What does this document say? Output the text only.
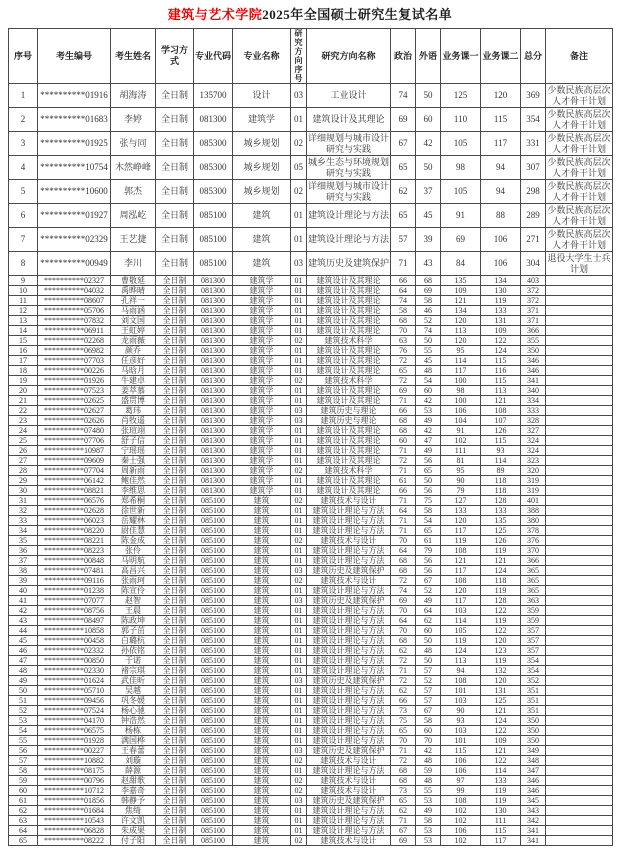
建筑与艺术学院2025年全国硕士研究生复试名单
序号	考生编号	考生姓名	学习方式	专业代码	专业名称	研究方向序号	研究方向名称	政治	外语	业务课一	业务课二	总分	备注
1	**********01916	胡海涛	全日制	135700	设计	03	工业设计	74	50	125	120	369	少数民族高层次人才骨干计划
2	**********01683	李婷	全日制	081300	建筑学	01	建筑设计及其理论	69	60	110	115	354	少数民族高层次人才骨干计划
3	**********01925	张与同	全日制	085300	城乡规划	02	详细规划与城市设计研究与实践	67	42	105	117	331	少数民族高层次人才骨干计划
4	**********10754	木然峥峰	全日制	085300	城乡规划	05	城乡生态与环境规划研究与实践	65	50	98	94	307	少数民族高层次人才骨干计划
5	**********10600	郭杰	全日制	085300	城乡规划	02	详细规划与城市设计研究与实践	62	37	105	94	298	少数民族高层次人才骨干计划
6	**********01927	周泓屹	全日制	085100	建筑	01	建筑设计理论与方法	65	45	91	88	289	少数民族高层次人才骨干计划
7	**********02329	王艺捷	全日制	085100	建筑	01	建筑设计理论与方法	57	39	69	106	271	少数民族高层次人才骨干计划
8	**********00949	李川	全日制	085100	建筑	03	建筑历史及建筑保护	71	43	84	106	304	退役大学生士兵计划
9	**********02327	曹敬延	全日制	081300	建筑学	01	建筑设计及其理论	66	68	135	134	403	
10	**********04032	禹晔晴	全日制	081300	建筑学	01	建筑设计及其理论	64	69	109	130	372	
11	**********08607	孔祥一	全日制	081300	建筑学	01	建筑设计及其理论	74	58	121	119	372	
12	**********05706	马雨涵	全日制	081300	建筑学	01	建筑设计及其理论	58	46	134	133	371	
13	**********07832	刘文国	全日制	081300	建筑学	01	建筑设计及其理论	68	52	120	131	371	
14	**********06911	王虹婷	全日制	081300	建筑学	01	建筑设计及其理论	70	74	113	109	366	
15	**********02268	龙雨薇	全日制	081300	建筑学	02	建筑技术科学	63	50	120	122	355	
16	**********06982	颜乔	全日制	081300	建筑学	01	建筑设计及其理论	76	55	95	124	350	
17	**********07703	任彦好	全日制	081300	建筑学	01	建筑设计及其理论	72	45	114	115	346	
18	**********00226	马晗月	全日制	081300	建筑学	01	建筑设计及其理论	65	48	117	116	346	
19	**********01926	牛建卓	全日制	081300	建筑学	02	建筑技术科学	72	54	100	115	341	
20	**********07523	姜萃慕	全日制	081300	建筑学	01	建筑设计及其理论	69	60	98	113	340	
21	**********02625	盛贯博	全日制	081300	建筑学	01	建筑设计及其理论	71	42	100	121	334	
22	**********02627	葛玮	全日制	081300	建筑学	03	建筑历史与理论	66	53	106	108	333	
23	**********02626	肖牧遥	全日制	081300	建筑学	03	建筑历史与理论	68	49	104	107	328	
24	**********07480	张瑄翊	全日制	081300	建筑学	01	建筑设计及其理论	68	42	91	126	327	
25	**********07706	舒子信	全日制	081300	建筑学	01	建筑设计及其理论	60	47	102	115	324	
26	**********10987	宁瑶瑶	全日制	081300	建筑学	01	建筑设计及其理论	71	49	111	93	324	
27	**********09609	秦士强	全日制	081300	建筑学	01	建筑设计及其理论	72	56	81	114	323	
28	**********07704	周新雨	全日制	081300	建筑学	02	建筑技术科学	71	65	95	89	320	
29	**********06142	鲍佳然	全日制	081300	建筑学	01	建筑设计及其理论	61	50	90	118	319	
30	**********08821	李维思	全日制	081300	建筑学	01	建筑设计及其理论	66	56	79	118	319	
31	**********06576	郑希桐	全日制	085100	建筑	02	建筑技术与设计	71	75	127	128	401	
32	**********02628	徐世新	全日制	085100	建筑	01	建筑设计理论与方法	64	58	133	133	388	
33	**********06023	岳耀林	全日制	085100	建筑	01	建筑设计理论与方法	71	54	120	135	380	
34	**********08220	尉佳慧	全日制	085100	建筑	01	建筑设计理论与方法	71	65	117	125	378	
35	**********08221	陈金成	全日制	085100	建筑	02	建筑技术与设计	70	61	119	126	376	
36	**********08223	张伶	全日制	085100	建筑	01	建筑设计理论与方法	64	79	108	119	370	
37	**********00848	马明航	全日制	085100	建筑	01	建筑设计理论与方法	68	56	121	121	366	
38	**********07481	高昌兴	全日制	085100	建筑	03	建筑历史及建筑保护	68	56	117	124	365	
39	**********09116	张雨珂	全日制	085100	建筑	02	建筑技术与设计	72	67	108	118	365	
40	**********01238	陈宣伶	全日制	085100	建筑	01	建筑设计理论与方法	74	52	120	119	365	
41	**********07077	赵智	全日制	085100	建筑	03	建筑历史及建筑保护	69	49	117	128	363	
42	**********08756	王晨	全日制	085100	建筑	01	建筑设计理论与方法	70	64	103	122	359	
43	**********08497	陈政坤	全日制	085100	建筑	01	建筑设计理论与方法	64	62	114	119	359	
44	**********10858	郭子茁	全日制	085100	建筑	01	建筑设计理论与方法	70	60	105	122	357	
45	**********00458	白璐杭	全日制	085100	建筑	01	建筑设计理论与方法	68	50	119	120	357	
46	**********02332	孙依铭	全日制	085100	建筑	01	建筑设计理论与方法	62	48	124	123	357	
47	**********00850	于诺	全日制	085100	建筑	01	建筑设计理论与方法	72	50	113	119	354	
48	**********02330	褚宗琪	全日制	085100	建筑	01	建筑设计理论与方法	71	57	94	132	354	
49	**********01624	武佳昕	全日制	085100	建筑	03	建筑历史及建筑保护	72	52	108	120	352	
50	**********05710	吴越	全日制	085100	建筑	01	建筑设计理论与方法	62	57	101	131	351	
51	**********09456	巩冬媛	全日制	085100	建筑	01	建筑设计理论与方法	66	57	103	125	351	
52	**********07524	杨心驰	全日制	085100	建筑	01	建筑设计理论与方法	73	67	90	121	351	
53	**********04170	钟浩然	全日制	085100	建筑	01	建筑设计理论与方法	75	58	93	124	350	
54	**********06575	杨栋	全日制	085100	建筑	01	建筑设计理论与方法	65	60	103	122	350	
55	**********01928	满国桦	全日制	085100	建筑	01	建筑设计理论与方法	70	70	101	109	350	
56	**********00227	王春蕾	全日制	085100	建筑	03	建筑历史及建筑保护	71	42	115	121	349	
57	**********10882	刘璇	全日制	085100	建筑	02	建筑技术与设计	72	48	106	122	348	
58	**********08175	薛源	全日制	085100	建筑	01	建筑设计理论与方法	68	59	106	114	347	
59	**********00796	赵甜歌	全日制	085100	建筑	02	建筑技术与设计	68	48	97	133	346	
60	**********10712	李嘉奇	全日制	085100	建筑	02	建筑技术与设计	73	55	99	119	346	
61	**********01856	韩静予	全日制	085100	建筑	03	建筑历史及建筑保护	65	53	108	119	345	
62	**********01684	焦绮	全日制	085100	建筑	01	建筑设计理论与方法	62	49	102	130	343	
63	**********10543	许文凯	全日制	085100	建筑	01	建筑设计理论与方法	71	58	102	111	342	
64	**********06828	朱成果	全日制	085100	建筑	01	建筑设计理论与方法	67	53	106	115	341	
65	**********08222	付子阳	全日制	085100	建筑	02	建筑技术与设计	69	53	102	117	341	
